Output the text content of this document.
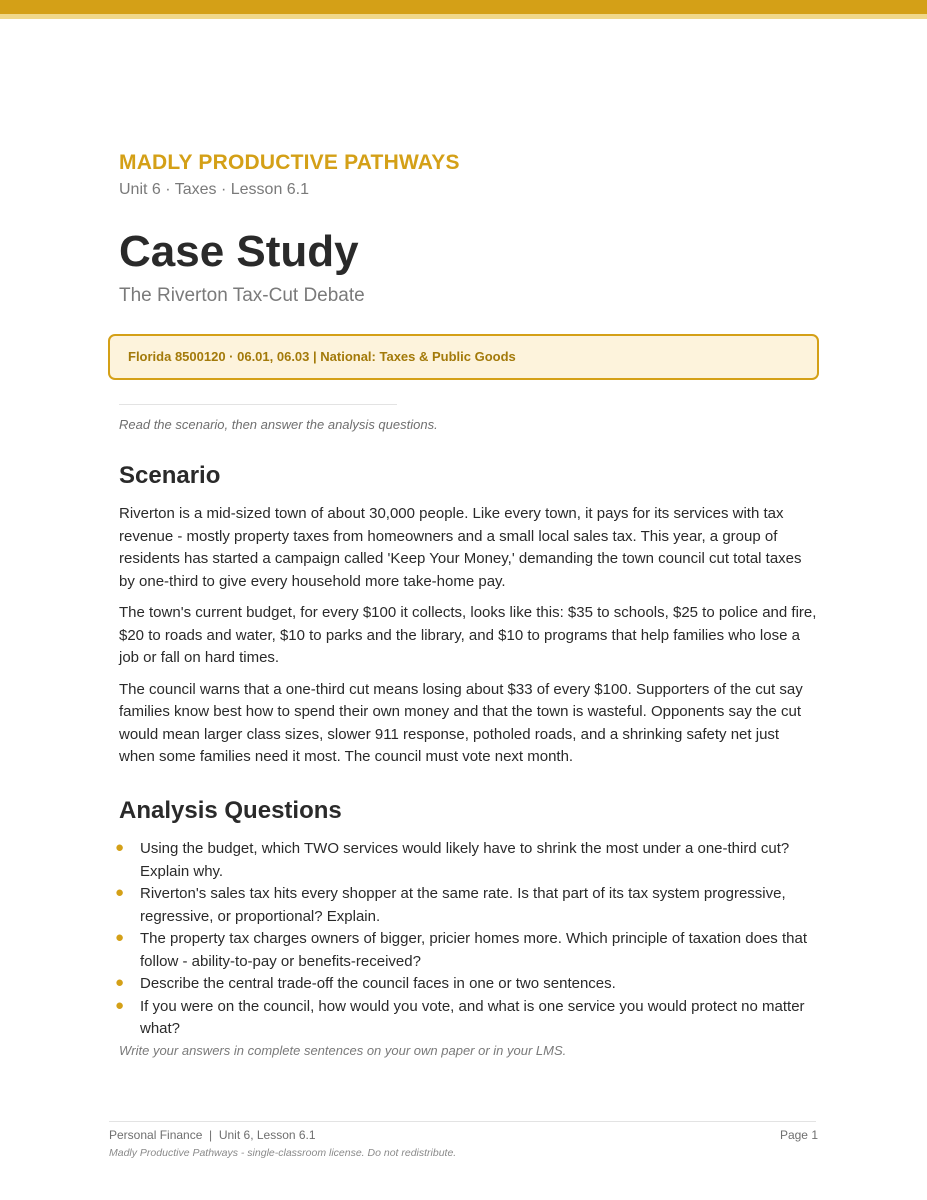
MADLY PRODUCTIVE PATHWAYS
Unit 6 · Taxes · Lesson 6.1
Case Study
The Riverton Tax-Cut Debate
Florida 8500120 · 06.01, 06.03 | National: Taxes & Public Goods
Read the scenario, then answer the analysis questions.
Scenario

Riverton is a mid-sized town of about 30,000 people. Like every town, it pays for its services with tax revenue - mostly property taxes from homeowners and a small local sales tax. This year, a group of residents has started a campaign called 'Keep Your Money,' demanding the town council cut total taxes by one-third to give every household more take-home pay.

The town's current budget, for every $100 it collects, looks like this: $35 to schools, $25 to police and fire, $20 to roads and water, $10 to parks and the library, and $10 to programs that help families who lose a job or fall on hard times.

The council warns that a one-third cut means losing about $33 of every $100. Supporters of the cut say families know best how to spend their own money and that the town is wasteful. Opponents say the cut would mean larger class sizes, slower 911 response, potholed roads, and a shrinking safety net just when some families need it most. The council must vote next month.

Analysis Questions
● Using the budget, which TWO services would likely have to shrink the most under a one-third cut? Explain why.
● Riverton's sales tax hits every shopper at the same rate. Is that part of its tax system progressive, regressive, or proportional? Explain.
● The property tax charges owners of bigger, pricier homes more. Which principle of taxation does that follow - ability-to-pay or benefits-received?
● Describe the central trade-off the council faces in one or two sentences.
● If you were on the council, how would you vote, and what is one service you would protect no matter what?
Write your answers in complete sentences on your own paper or in your LMS.
Personal Finance  |  Unit 6, Lesson 6.1	Page 1
Madly Productive Pathways - single-classroom license. Do not redistribute.
